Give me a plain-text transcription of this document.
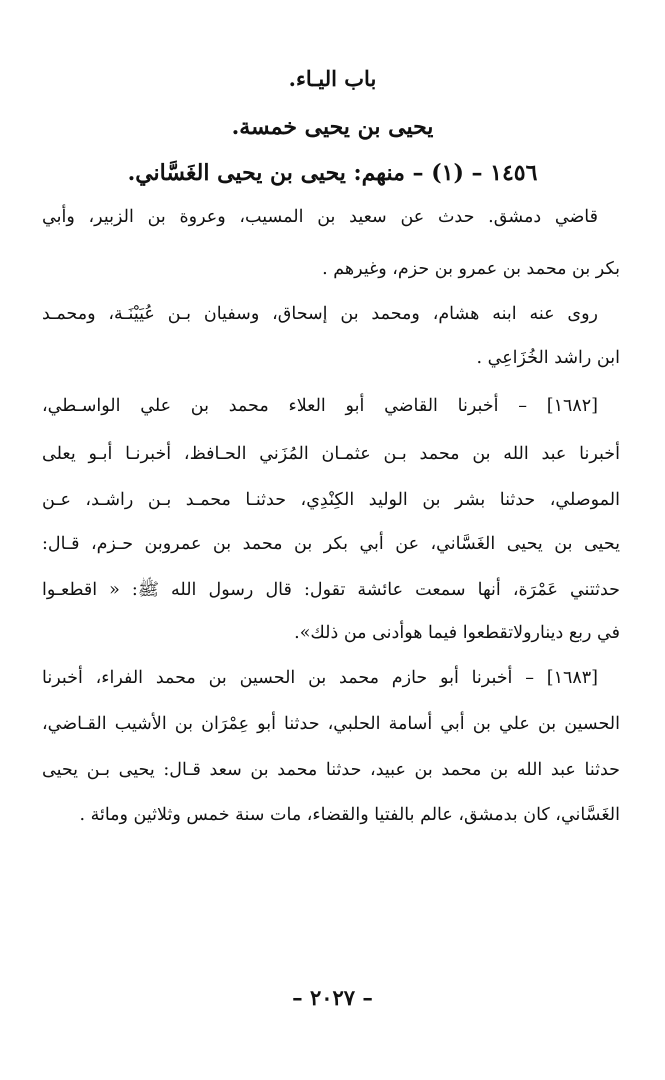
باب اليـاء.
يحيى بن يحيى خمسة.
١٤٥٦ – (١) – منهم: يحيى بن يحيى الغَسَّاني.
قاضي دمشق. حدث عن سعيد بن المسيب، وعروة بن الزبير، وأبي
بكر بن محمد بن عمرو بن حزم، وغيرهم .
روى عنه ابنه هشام، ومحمد بن إسحاق، وسفيان بـن عُيَيْنَـة، ومحمـد
ابن راشد الخُزَاعِي .
[١٦٨٢] – أخبرنا القاضي أبو العلاء محمد بن علي الواسـطي،
أخبرنا عبد الله بن محمد بـن عثمـان المُزَني الحـافظ، أخبرنـا أبـو يعلى
الموصلي، حدثنا بشر بن الوليد الكِنْدِي، حدثنـا محمـد بـن راشـد، عـن
يحيى بن يحيى الغَسَّاني، عن أبي بكر بن محمد بن عمروبن حـزم، قـال:
حدثتني عَمْرَة، أنها سمعت عائشة تقول: قال رسول الله ﷺ: « اقطعـوا
في ربع ديناروﻻتقطعوا فيما هوأدنى من ذلك».
[١٦٨٣] – أخبرنا أبو حازم محمد بن الحسين بن محمد الفراء، أخبرنا
الحسين بن علي بن أبي أسامة الحلبي، حدثنا أبو عِمْرَان بن الأشيب القـاضي،
حدثنا عبد الله بن محمد بن عبيد، حدثنا محمد بن سعد قـال: يحيى بـن يحيى
الغَسَّاني، كان بدمشق، عالم بالفتيا والقضاء، مات سنة خمس وثلاثين ومائة .
– ٢٠٢٧ –
